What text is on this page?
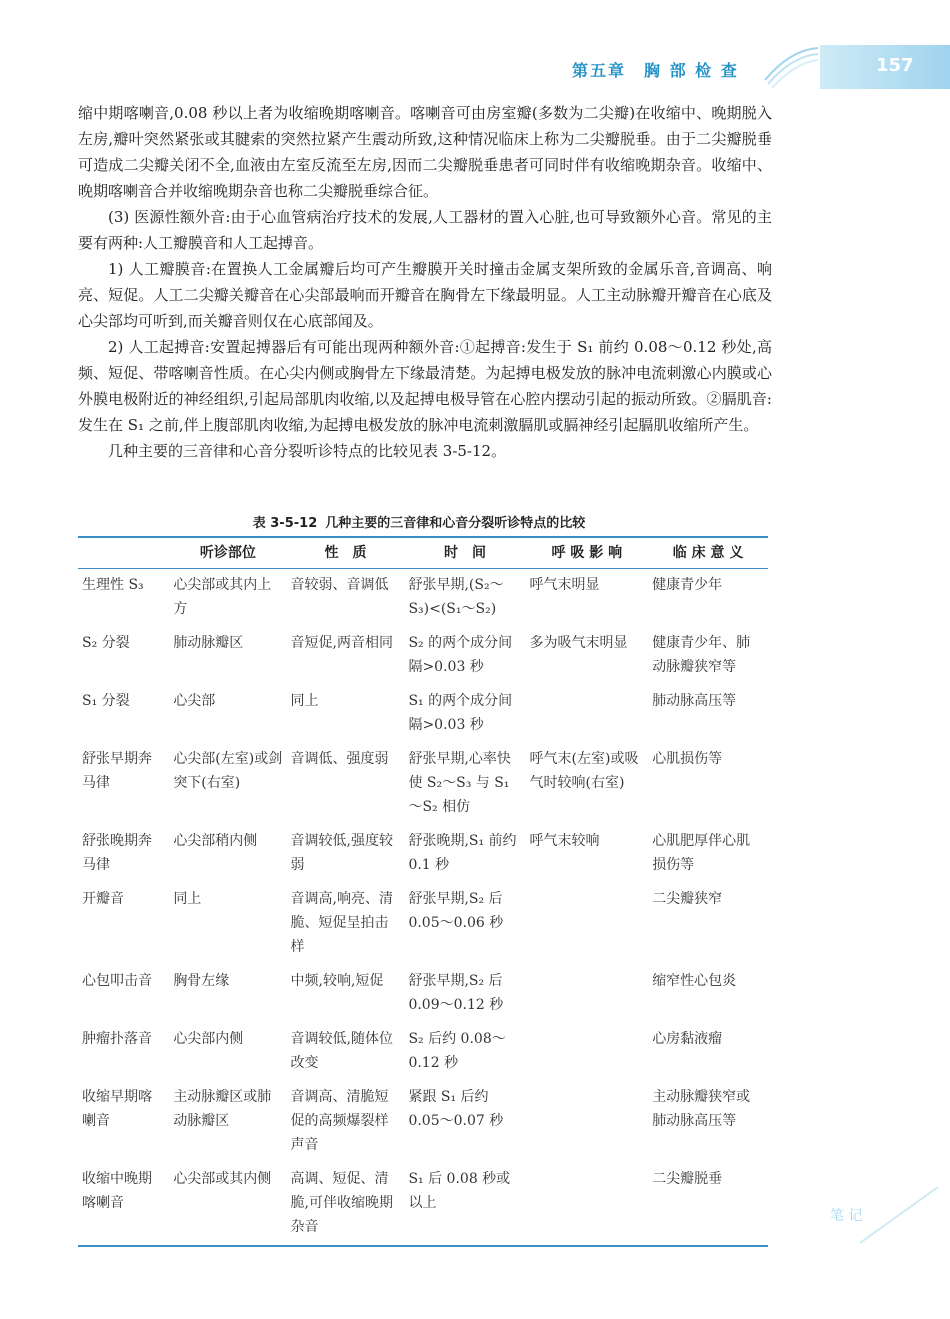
第五章　胸 部 检 查	157

缩中期喀喇音,0.08 秒以上者为收缩晚期喀喇音。喀喇音可由房室瓣(多数为二尖瓣)在收缩中、晚期脱入左房,瓣叶突然紧张或其腱索的突然拉紧产生震动所致,这种情况临床上称为二尖瓣脱垂。由于二尖瓣脱垂可造成二尖瓣关闭不全,血液由左室反流至左房,因而二尖瓣脱垂患者可同时伴有收缩晚期杂音。收缩中、晚期喀喇音合并收缩晚期杂音也称二尖瓣脱垂综合征。

(3) 医源性额外音:由于心血管病治疗技术的发展,人工器材的置入心脏,也可导致额外心音。常见的主要有两种:人工瓣膜音和人工起搏音。

1) 人工瓣膜音:在置换人工金属瓣后均可产生瓣膜开关时撞击金属支架所致的金属乐音,音调高、响亮、短促。人工二尖瓣关瓣音在心尖部最响而开瓣音在胸骨左下缘最明显。人工主动脉瓣开瓣音在心底及心尖部均可听到,而关瓣音则仅在心底部闻及。

2) 人工起搏音:安置起搏器后有可能出现两种额外音:①起搏音:发生于 S₁ 前约 0.08～0.12 秒处,高频、短促、带喀喇音性质。在心尖内侧或胸骨左下缘最清楚。为起搏电极发放的脉冲电流刺激心内膜或心外膜电极附近的神经组织,引起局部肌肉收缩,以及起搏电极导管在心腔内摆动引起的振动所致。②膈肌音:发生在 S₁ 之前,伴上腹部肌肉收缩,为起搏电极发放的脉冲电流刺激膈肌或膈神经引起膈肌收缩所产生。

几种主要的三音律和心音分裂听诊特点的比较见表 3-5-12。

表 3-5-12 几种主要的三音律和心音分裂听诊特点的比较
	听诊部位	性　质	时　间	呼 吸 影 响	临 床 意 义
生理性 S₃	心尖部或其内上方	音较弱、音调低	舒张早期,(S₂～S₃)<(S₁～S₂)	呼气末明显	健康青少年
S₂ 分裂	肺动脉瓣区	音短促,两音相同	S₂ 的两个成分间隔>0.03 秒	多为吸气末明显	健康青少年、肺动脉瓣狭窄等
S₁ 分裂	心尖部	同上	S₁ 的两个成分间隔>0.03 秒		肺动脉高压等
舒张早期奔马律	心尖部(左室)或剑突下(右室)	音调低、强度弱	舒张早期,心率快使 S₂～S₃ 与 S₁～S₂ 相仿	呼气末(左室)或吸气时较响(右室)	心肌损伤等
舒张晚期奔马律	心尖部稍内侧	音调较低,强度较弱	舒张晚期,S₁ 前约 0.1 秒	呼气末较响	心肌肥厚伴心肌损伤等
开瓣音	同上	音调高,响亮、清脆、短促呈拍击样	舒张早期,S₂ 后 0.05～0.06 秒		二尖瓣狭窄
心包叩击音	胸骨左缘	中频,较响,短促	舒张早期,S₂ 后 0.09～0.12 秒		缩窄性心包炎
肿瘤扑落音	心尖部内侧	音调较低,随体位改变	S₂ 后约 0.08～0.12 秒		心房黏液瘤
收缩早期喀喇音	主动脉瓣区或肺动脉瓣区	音调高、清脆短促的高频爆裂样声音	紧跟 S₁ 后约 0.05～0.07 秒		主动脉瓣狭窄或肺动脉高压等
收缩中晚期喀喇音	心尖部或其内侧	高调、短促、清脆,可伴收缩晚期杂音	S₁ 后 0.08 秒或以上		二尖瓣脱垂
笔 记
